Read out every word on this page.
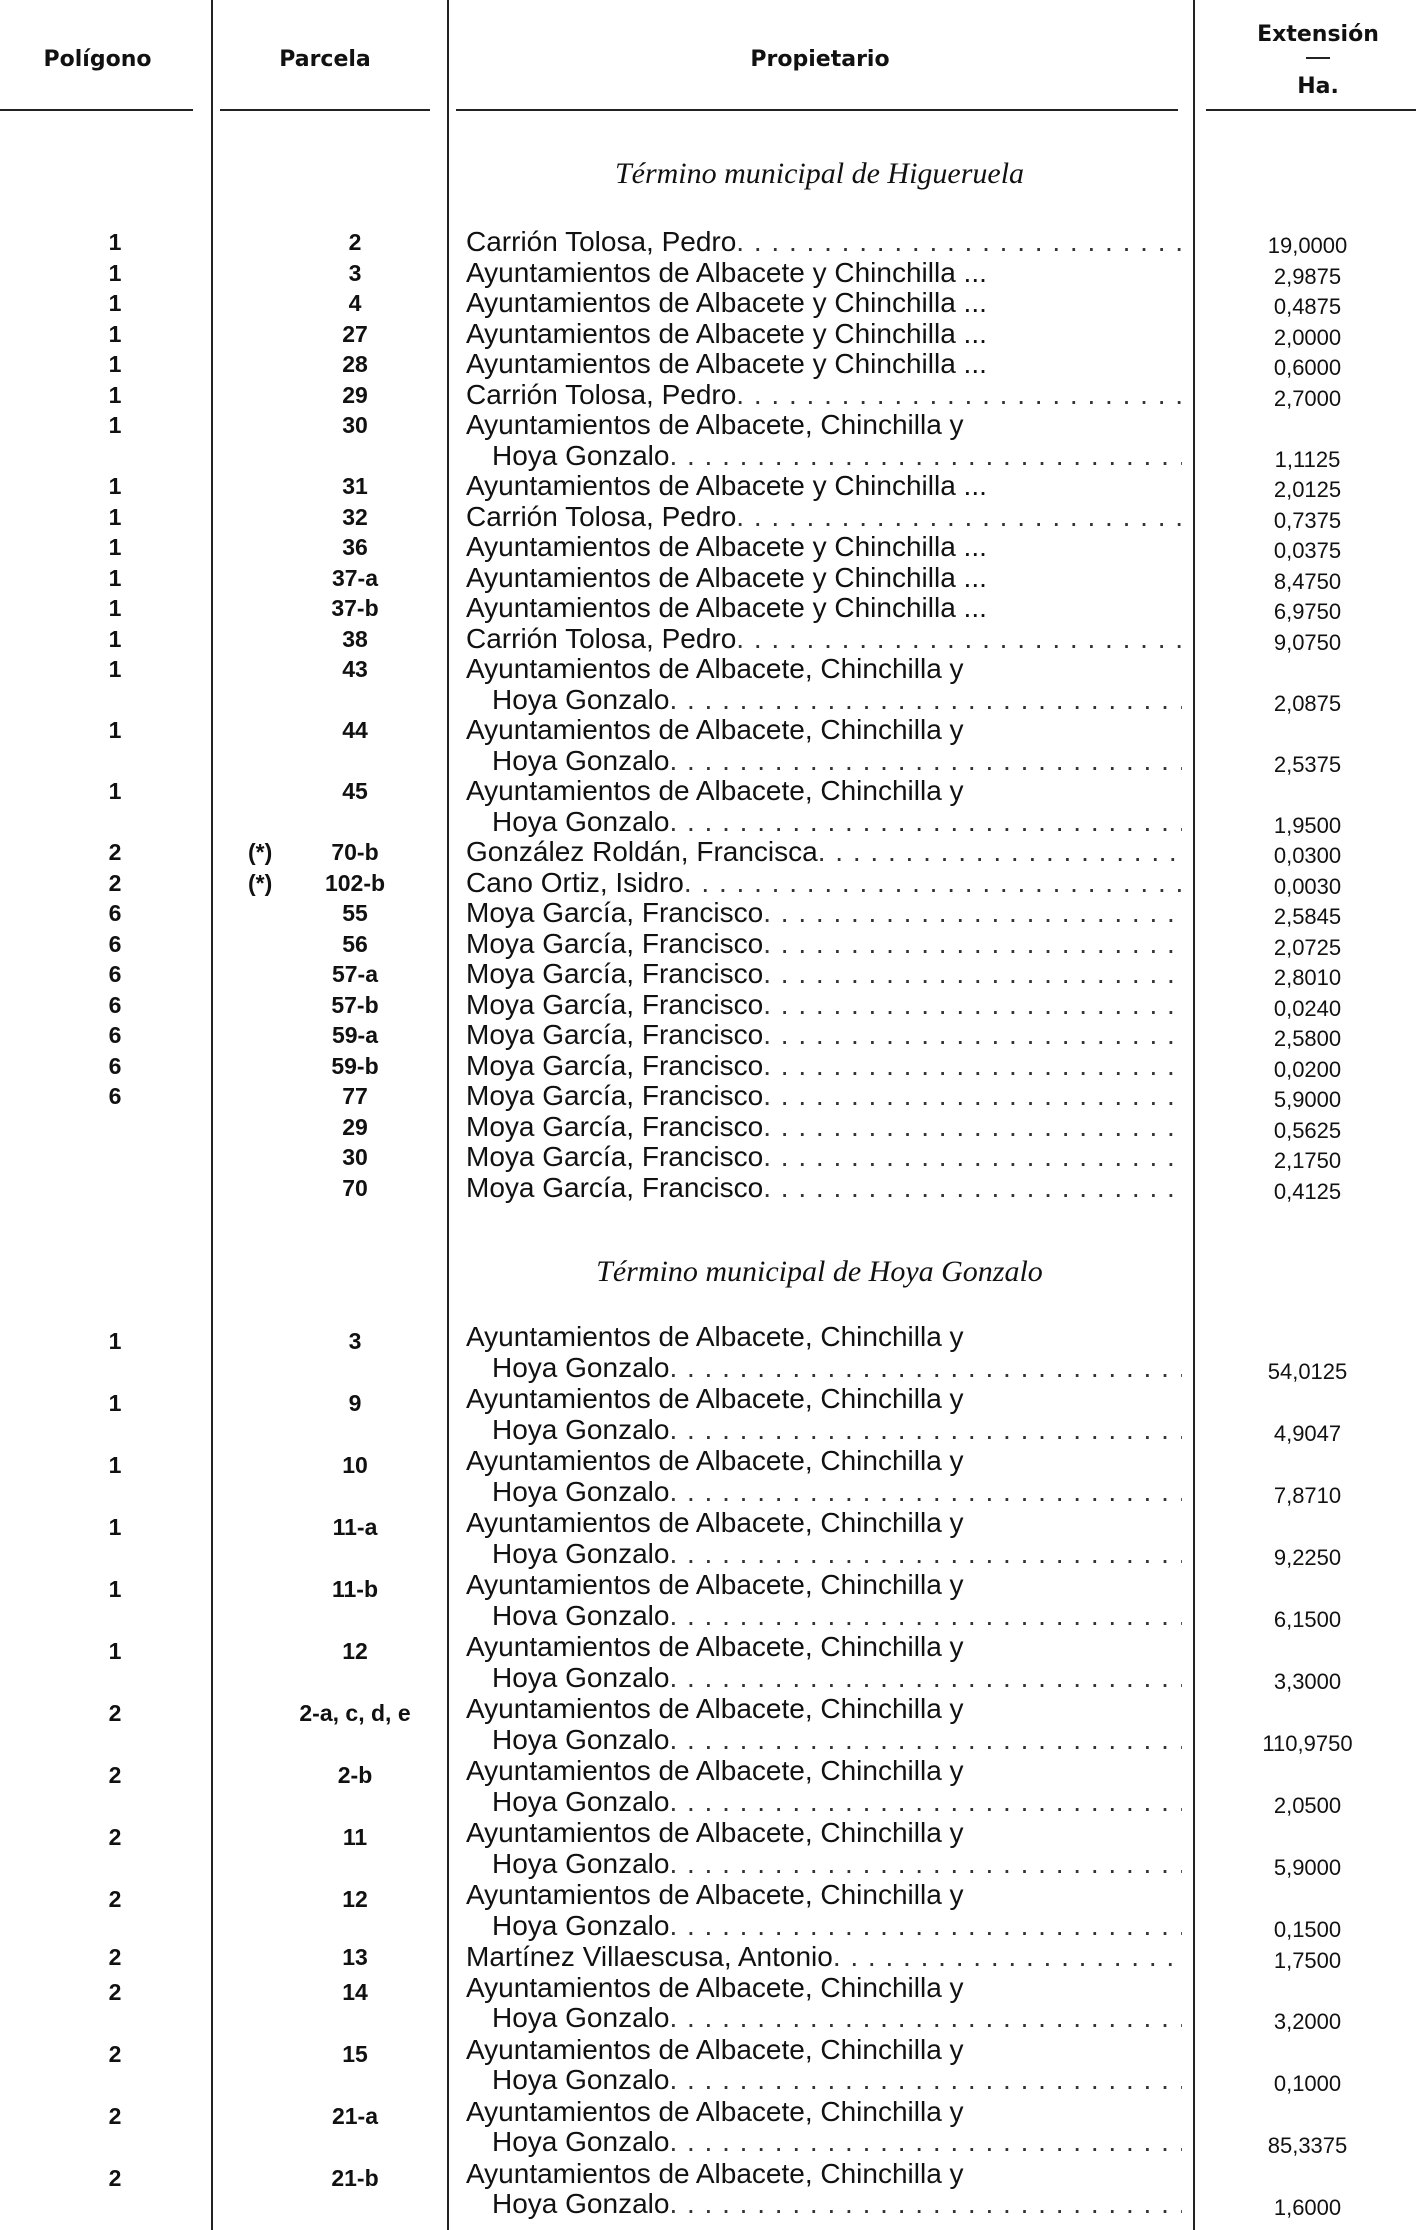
Polígono	Parcela	Propietario
Extensión
Ha.
Término municipal de Higueruela
Término municipal de Hoya Gonzalo
1	2	Carrión Tolosa, Pedro . . .	19,0000
1	3	Ayuntamientos de Albacete y Chinchilla ...	2,9875
1	4	Ayuntamientos de Albacete y Chinchilla ...	0,4875
1	27	Ayuntamientos de Albacete y Chinchilla ...	2,0000
1	28	Ayuntamientos de Albacete y Chinchilla ...	0,6000
1	29	Carrión Tolosa, Pedro . . .	2,7000
1	30	Ayuntamientos de Albacete, Chinchilla y
Hoya Gonzalo . . .	1,1125
1	31	Ayuntamientos de Albacete y Chinchilla ...	2,0125
1	32	Carrión Tolosa, Pedro . . .	0,7375
1	36	Ayuntamientos de Albacete y Chinchilla ...	0,0375
1	37-a	Ayuntamientos de Albacete y Chinchilla ...	8,4750
1	37-b	Ayuntamientos de Albacete y Chinchilla ...	6,9750
1	38	Carrión Tolosa, Pedro . . .	9,0750
1	43	Ayuntamientos de Albacete, Chinchilla y
Hoya Gonzalo . . .	2,0875
1	44	Ayuntamientos de Albacete, Chinchilla y
Hoya Gonzalo . . .	2,5375
1	45	Ayuntamientos de Albacete, Chinchilla y
Hoya Gonzalo . . .	1,9500
2	(*)	70-b	González Roldán, Francisca . . .	0,0300
2	(*) 102-b	Cano Ortiz, Isidro . . .	0,0030
6	55	Moya García, Francisco . . .	2,5845
6	56	Moya García, Francisco . . .	2,0725
6	57-a	Moya García, Francisco . . .	2,8010
6	57-b	Moya García, Francisco . . .	0,0240
6	59-a	Moya García, Francisco . . .	2,5800
6	59-b	Moya García, Francisco . . .	0,0200
6	77	Moya García, Francisco . . .	5,9000
29	Moya García, Francisco . . .	0,5625
30	Moya García, Francisco . . .	2,1750
70	Moya García, Francisco . . .	0,4125
1	3	Ayuntamientos de Albacete, Chinchilla y
Hoya Gonzalo . . .	54,0125
1	9	Ayuntamientos de Albacete, Chinchilla y
Hoya Gonzalo . . .	4,9047
1	10	Ayuntamientos de Albacete, Chinchilla y
Hoya Gonzalo . . .	7,8710
1	11-a	Ayuntamientos de Albacete, Chinchilla y
Hoya Gonzalo . . .	9,2250
1	11-b	Ayuntamientos de Albacete, Chinchilla y
Hova Gonzalo . . .	6,1500
1	12	Ayuntamientos de Albacete, Chinchilla y
Hoya Gonzalo . . .	3,3000
2	2-a, c, d, e	Ayuntamientos de Albacete, Chinchilla y
Hoya Gonzalo . . .	110,9750
2	2-b	Ayuntamientos de Albacete, Chinchilla y
Hoya Gonzalo . . .	2,0500
2	11	Ayuntamientos de Albacete, Chinchilla y
Hoya Gonzalo . . .	5,9000
2	12	Ayuntamientos de Albacete, Chinchilla y
Hoya Gonzalo . . .	0,1500
2	13	Martínez Villaescusa, Antonio . . .	1,7500
2	14	Ayuntamientos de Albacete, Chinchilla y
Hoya Gonzalo . . .	3,2000
2	15	Ayuntamientos de Albacete, Chinchilla y
Hoya Gonzalo . . .	0,1000
2	21-a	Ayuntamientos de Albacete, Chinchilla y
Hoya Gonzalo . . .	85,3375
2	21-b	Ayuntamientos de Albacete, Chinchilla y
Hoya Gonzalo . . .	1,6000
